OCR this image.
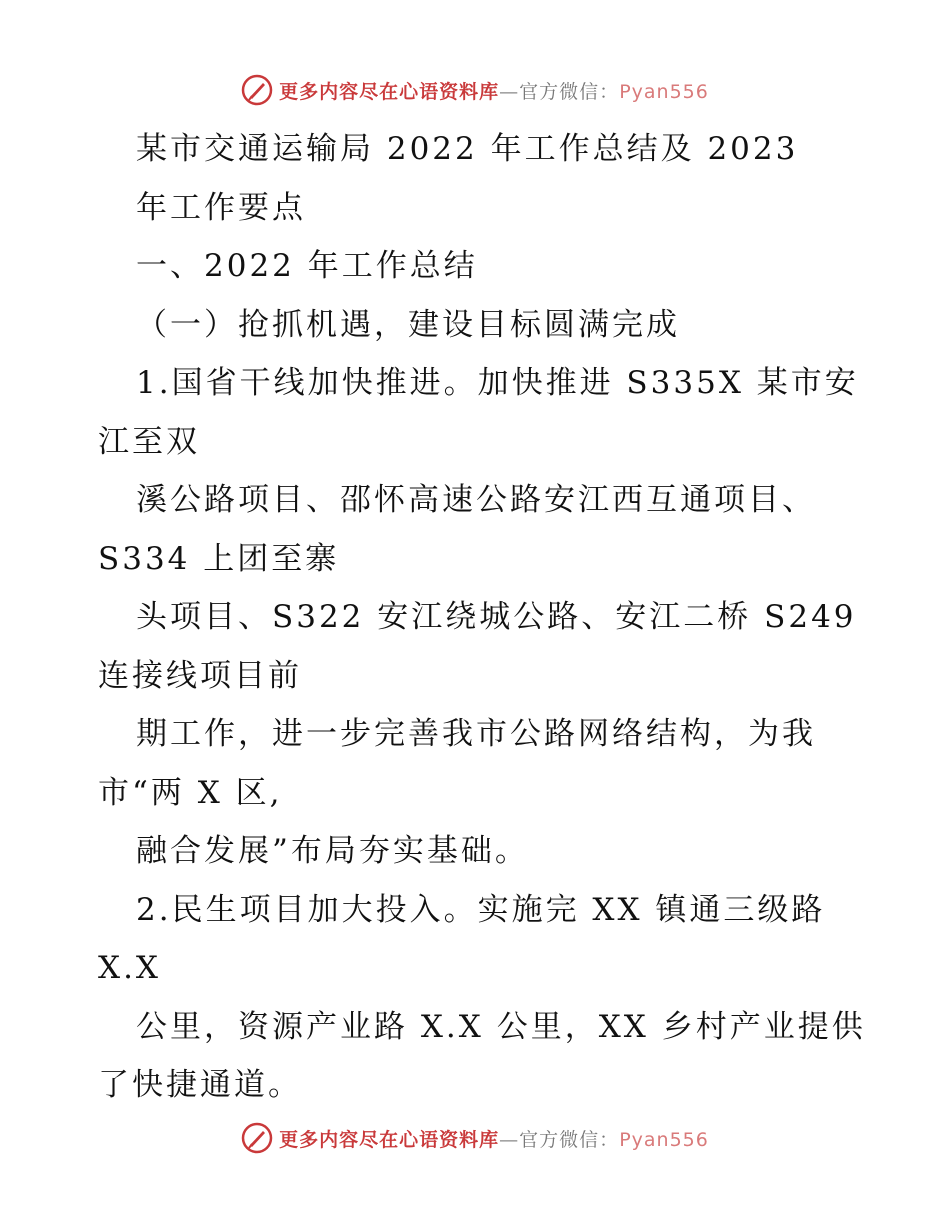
更多内容尽在心语资料库—官方微信：Pyan556
某市交通运输局 2022 年工作总结及 2023
年工作要点
一、2022 年工作总结
（一）抢抓机遇，建设目标圆满完成
1.国省干线加快推进。加快推进 S335X 某市安
江至双
溪公路项目、邵怀高速公路安江西互通项目、
S334 上团至寨
头项目、S322 安江绕城公路、安江二桥 S249
连接线项目前
期工作，进一步完善我市公路网络结构，为我
市“两 X 区,
融合发展”布局夯实基础。
2.民生项目加大投入。实施完 XX 镇通三级路
X.X
公里，资源产业路 X.X 公里，XX 乡村产业提供
了快捷通道。
更多内容尽在心语资料库—官方微信：Pyan556
